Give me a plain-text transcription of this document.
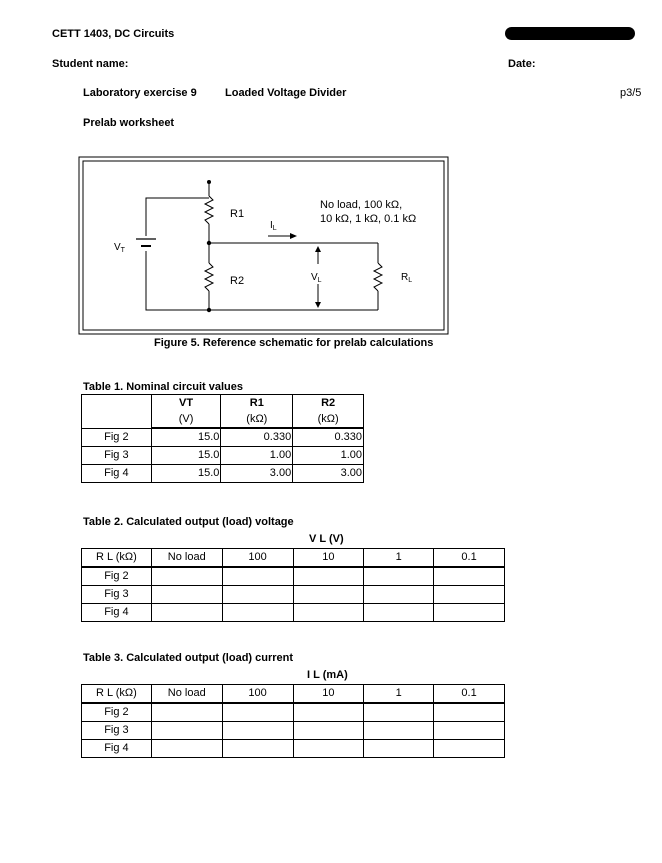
CETT 1403, DC Circuits
Student name:	Date:
Laboratory exercise 9	Loaded Voltage Divider	p3/5
Prelab worksheet
$V_T$
R1
R2
$I_L$
$V_L$	$R_L$
No load, 100 kΩ,
10 kΩ, 1 kΩ, 0.1 kΩ
Figure 5. Reference schematic for prelab calculations
Table 1. Nominal circuit values
	VT	R1	R2
	(V)	(kΩ)	(kΩ)
Fig 2	15.0	0.330	0.330
Fig 3	15.0	1.00	1.00
Fig 4	15.0	3.00	3.00
Table 2. Calculated output (load) voltage
V L (V)
R L (kΩ)	No load	100	10	1	0.1
Fig 2					
Fig 3					
Fig 4					
Table 3. Calculated output (load) current
I L (mA)
R L (kΩ)	No load	100	10	1	0.1
Fig 2					
Fig 3					
Fig 4					
